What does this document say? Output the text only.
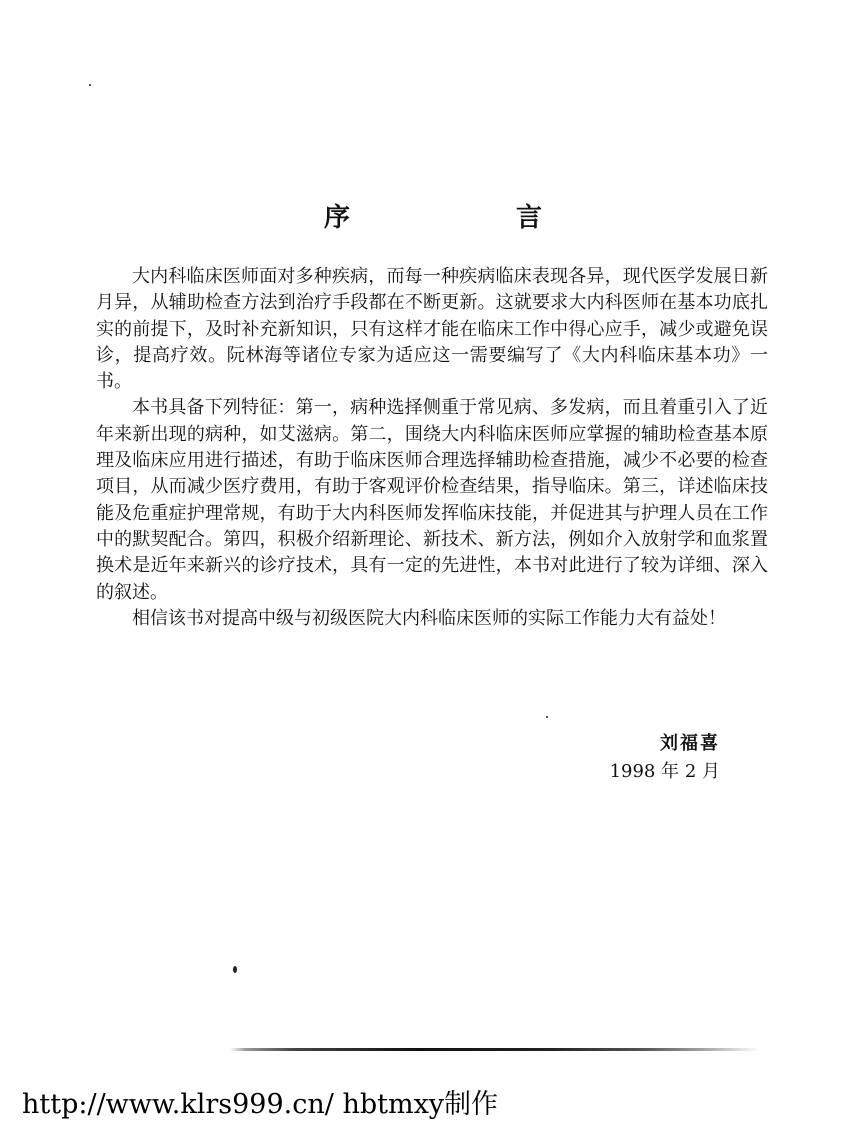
序　言

大内科临床医师面对多种疾病，而每一种疾病临床表现各异，现代医学发展日新月异，从辅助检查方法到治疗手段都在不断更新。这就要求大内科医师在基本功底扎实的前提下，及时补充新知识，只有这样才能在临床工作中得心应手，减少或避免误诊，提高疗效。阮林海等诸位专家为适应这一需要编写了《大内科临床基本功》一书。

本书具备下列特征：第一，病种选择侧重于常见病、多发病，而且着重引入了近年来新出现的病种，如艾滋病。第二，围绕大内科临床医师应掌握的辅助检查基本原理及临床应用进行描述，有助于临床医师合理选择辅助检查措施，减少不必要的检查项目，从而减少医疗费用，有助于客观评价检查结果，指导临床。第三，详述临床技能及危重症护理常规，有助于大内科医师发挥临床技能，并促进其与护理人员在工作中的默契配合。第四，积极介绍新理论、新技术、新方法，例如介入放射学和血浆置换术是近年来新兴的诊疗技术，具有一定的先进性，本书对此进行了较为详细、深入的叙述。

相信该书对提高中级与初级医院大内科临床医师的实际工作能力大有益处！

刘福喜
1998 年 2 月
http://www.klrs999.cn/ hbtmxy制作
